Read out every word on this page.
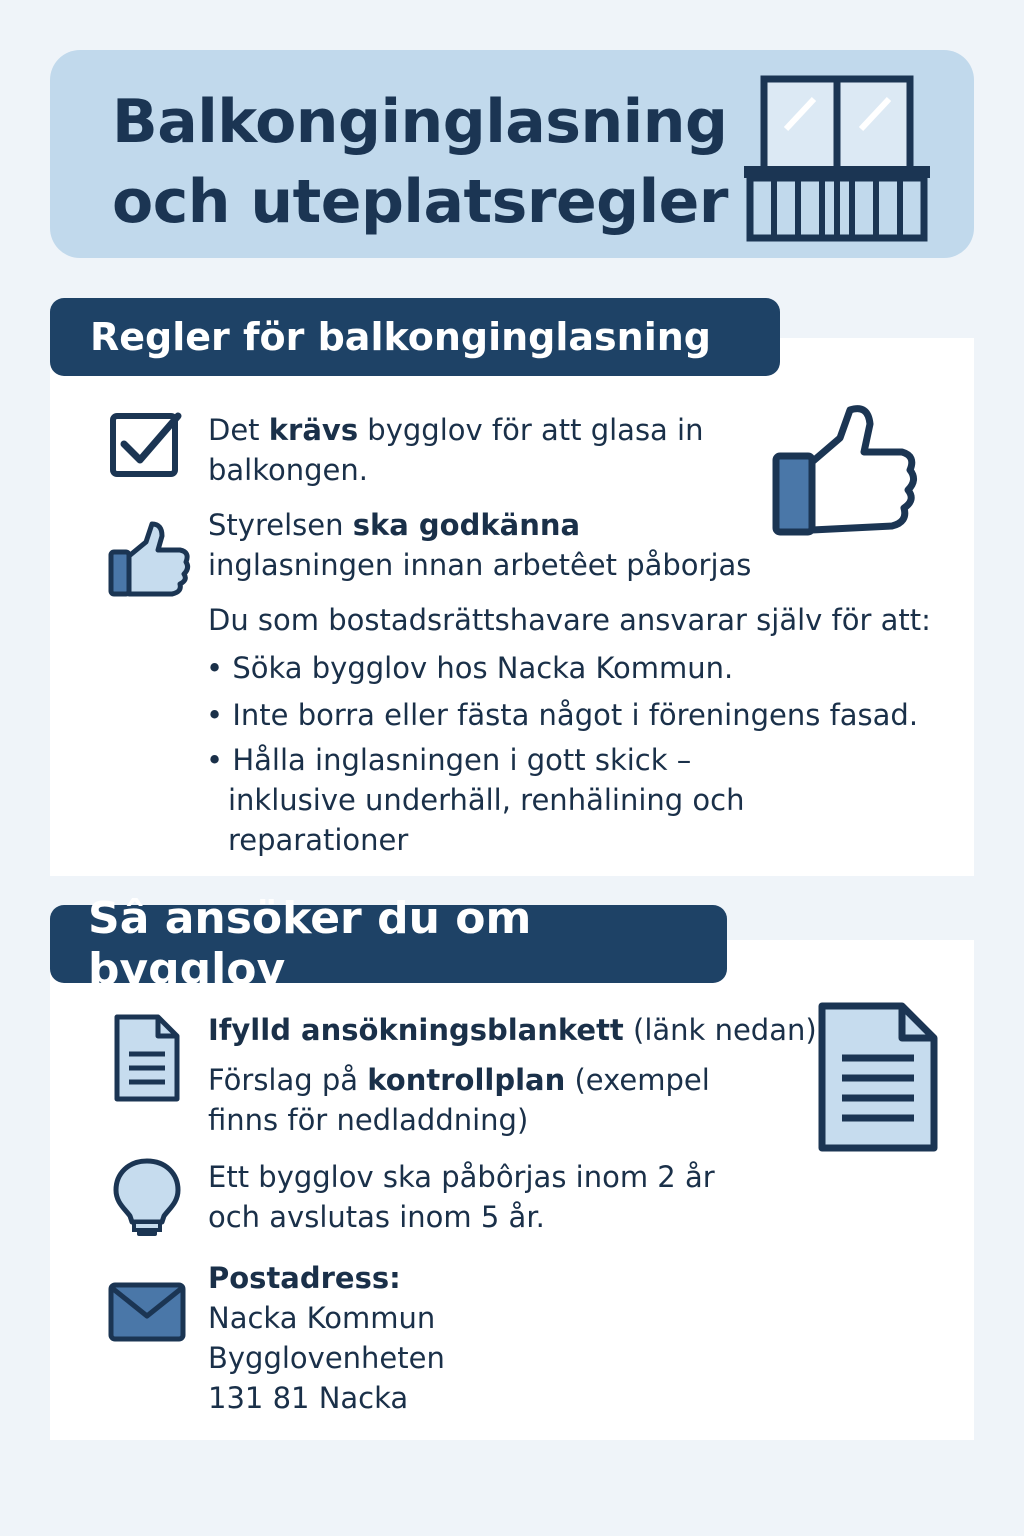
Balkonginglasning
och uteplatsregler
Regler för balkonginglasning
Det krävs bygglov för att glasa in
balkongen.
Styrelsen ska godkänna
inglasningen innan arbetêet påborjas
Du som bostadsrättshavare ansvarar själv för att:
• Söka bygglov hos Nacka Kommun.
• Inte borra eller fästa något i föreningens fasad.
• Hålla inglasningen i gott skick –
inklusive underhäll, renhälining och
reparationer
Sâ ansöker du om bygglov
Ifylld ansökningsblankett (länk nedan)
Förslag på kontrollplan (exempel
finns för nedladdning)
Ett bygglov ska påbôrjas inom 2 år
och avslutas inom 5 år.
Postadress:
Nacka Kommun
Bygglovenheten
131 81 Nacka
